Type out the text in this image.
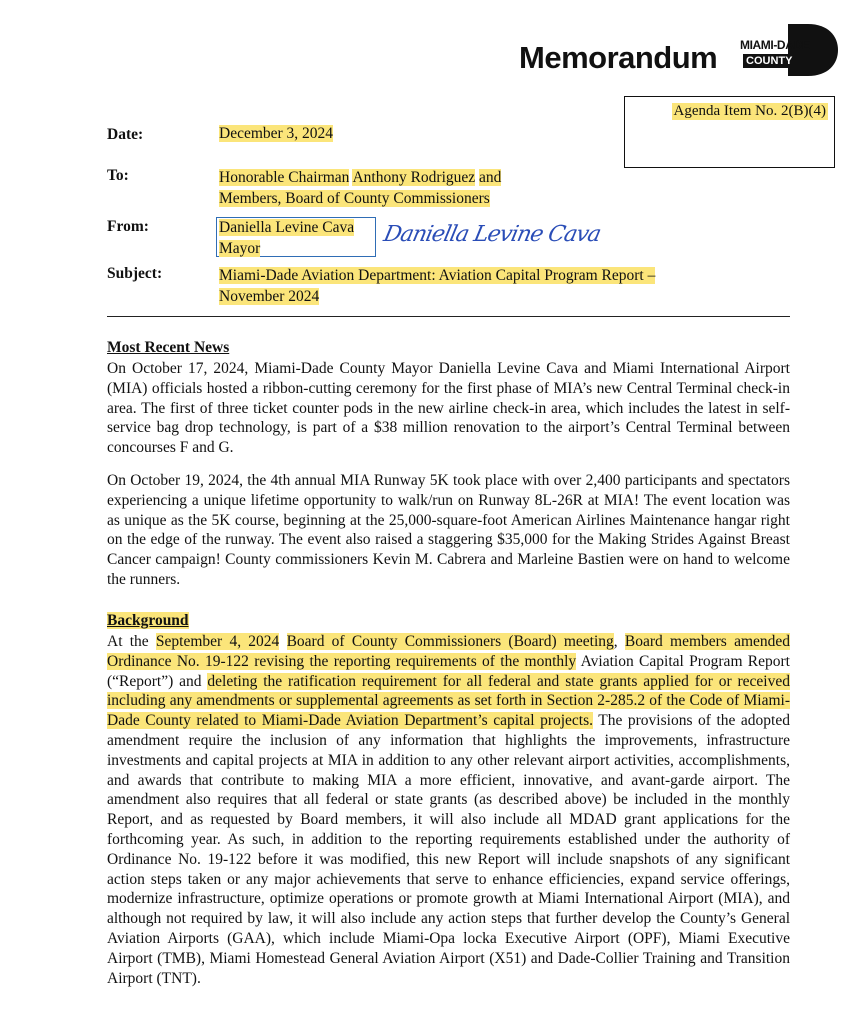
Memorandum MIAMI-DADE
COUNTY
Agenda Item No. 2(B)(4)
Date:	December 3, 2024
To:	Honorable Chairman Anthony Rodriguez and
Members, Board of County Commissioners
From:	Daniella Levine Cava
Mayor
Daniella Levine Cava
Subject:	Miami-Dade Aviation Department: Aviation Capital Program Report –
November 2024
Most Recent News

On October 17, 2024, Miami-Dade County Mayor Daniella Levine Cava and Miami International Airport (MIA) officials hosted a ribbon-cutting ceremony for the first phase of MIA’s new Central Terminal check-in area. The first of three ticket counter pods in the new airline check-in area, which includes the latest in self-service bag drop technology, is part of a $38 million renovation to the airport’s Central Terminal between concourses F and G.

On October 19, 2024, the 4th annual MIA Runway 5K took place with over 2,400 participants and spectators experiencing a unique lifetime opportunity to walk/run on Runway 8L-26R at MIA! The event location was as unique as the 5K course, beginning at the 25,000-square-foot American Airlines Maintenance hangar right on the edge of the runway. The event also raised a staggering $35,000 for the Making Strides Against Breast Cancer campaign! County commissioners Kevin M. Cabrera and Marleine Bastien were on hand to welcome the runners.

Background

At the September 4, 2024 Board of County Commissioners (Board) meeting, Board members amended Ordinance No. 19-122 revising the reporting requirements of the monthly Aviation Capital Program Report (“Report”) and deleting the ratification requirement for all federal and state grants applied for or received including any amendments or supplemental agreements as set forth in Section 2-285.2 of the Code of Miami-Dade County related to Miami-Dade Aviation Department’s capital projects. The provisions of the adopted amendment require the inclusion of any information that highlights the improvements, infrastructure investments and capital projects at MIA in addition to any other relevant airport activities, accomplishments, and awards that contribute to making MIA a more efficient, innovative, and avant-garde airport. The amendment also requires that all federal or state grants (as described above) be included in the monthly Report, and as requested by Board members, it will also include all MDAD grant applications for the forthcoming year. As such, in addition to the reporting requirements established under the authority of Ordinance No. 19-122 before it was modified, this new Report will include snapshots of any significant action steps taken or any major achievements that serve to enhance efficiencies, expand service offerings, modernize infrastructure, optimize operations or promote growth at Miami International Airport (MIA), and although not required by law, it will also include any action steps that further develop the County’s General Aviation Airports (GAA), which include Miami-Opa locka Executive Airport (OPF), Miami Executive Airport (TMB), Miami Homestead General Aviation Airport (X51) and Dade-Collier Training and Transition Airport (TNT).
